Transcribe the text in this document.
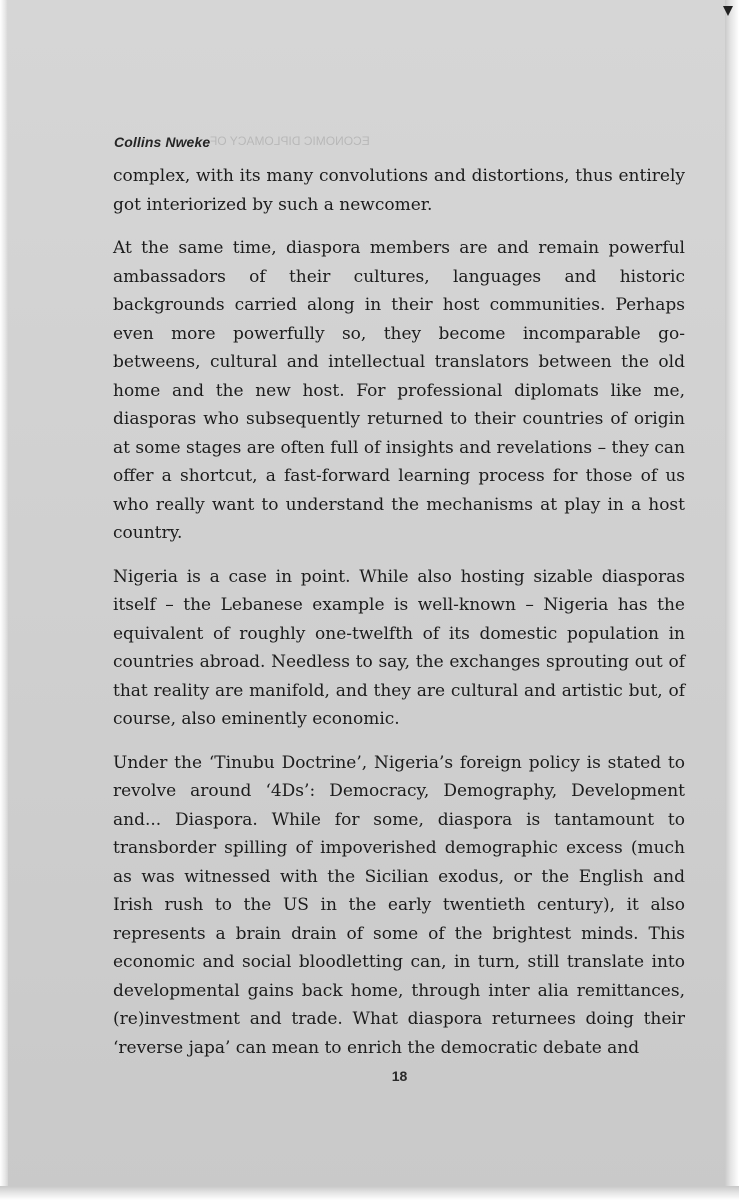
Collins Nweke ECONOMIC DIPLOMACY OF

complex, with its many convolutions and distortions, thus entirely got interiorized by such a newcomer.

At the same time, diaspora members are and remain powerful ambassadors of their cultures, languages and historic backgrounds carried along in their host communities. Perhaps even more powerfully so, they become incomparable go-betweens, cultural and intellectual translators between the old home and the new host. For professional diplomats like me, diasporas who subsequently returned to their countries of origin at some stages are often full of insights and revelations – they can offer a shortcut, a fast-forward learning process for those of us who really want to understand the mechanisms at play in a host country.

Nigeria is a case in point. While also hosting sizable diasporas itself – the Lebanese example is well-known – Nigeria has the equivalent of roughly one-twelfth of its domestic population in countries abroad. Needless to say, the exchanges sprouting out of that reality are manifold, and they are cultural and artistic but, of course, also eminently economic.

Under the ‘Tinubu Doctrine’, Nigeria’s foreign policy is stated to revolve around ‘4Ds’: Democracy, Demography, Development and... Diaspora. While for some, diaspora is tantamount to transborder spilling of impoverished demographic excess (much as was witnessed with the Sicilian exodus, or the English and Irish rush to the US in the early twentieth century), it also represents a brain drain of some of the brightest minds. This economic and social bloodletting can, in turn, still translate into developmental gains back home, through inter alia remittances, (re)investment and trade. What diaspora returnees doing their ‘reverse japa’ can mean to enrich the democratic debate and

18
